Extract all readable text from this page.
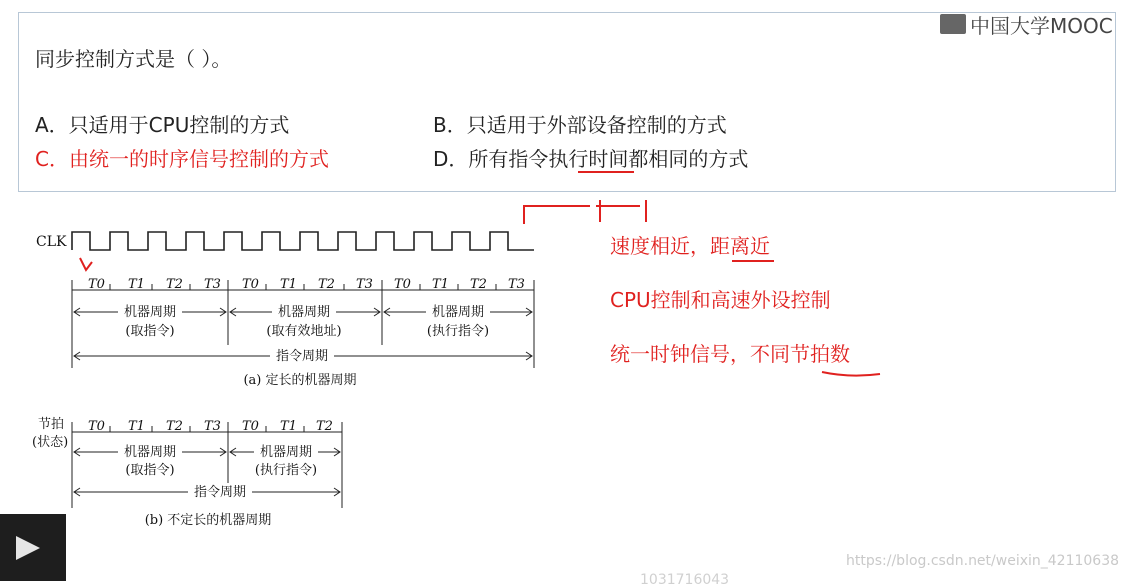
同步控制方式是（ ）。
A．只适用于CPU控制的方式	B．只适用于外部设备控制的方式
C．由统一的时序信号控制的方式	D．所有指令执行时间都相同的方式
中国大学MOOC
速度相近，距离近
CPU控制和高速外设控制
统一时钟信号，不同节拍数
CLK
T0 T1 T2 T3 T0 T1 T2 T3 T0 T1 T2 T3
机器周期
(取指令)
机器周期
(取有效地址)
机器周期
(执行指令)
指令周期
(a) 定长的机器周期
节拍
(状态)
T0 T1 T2 T3 T0 T1 T2
机器周期
(取指令)
机器周期
(执行指令)
指令周期
(b) 不定长的机器周期
https://blog.csdn.net/weixin_42110638
1031716043
